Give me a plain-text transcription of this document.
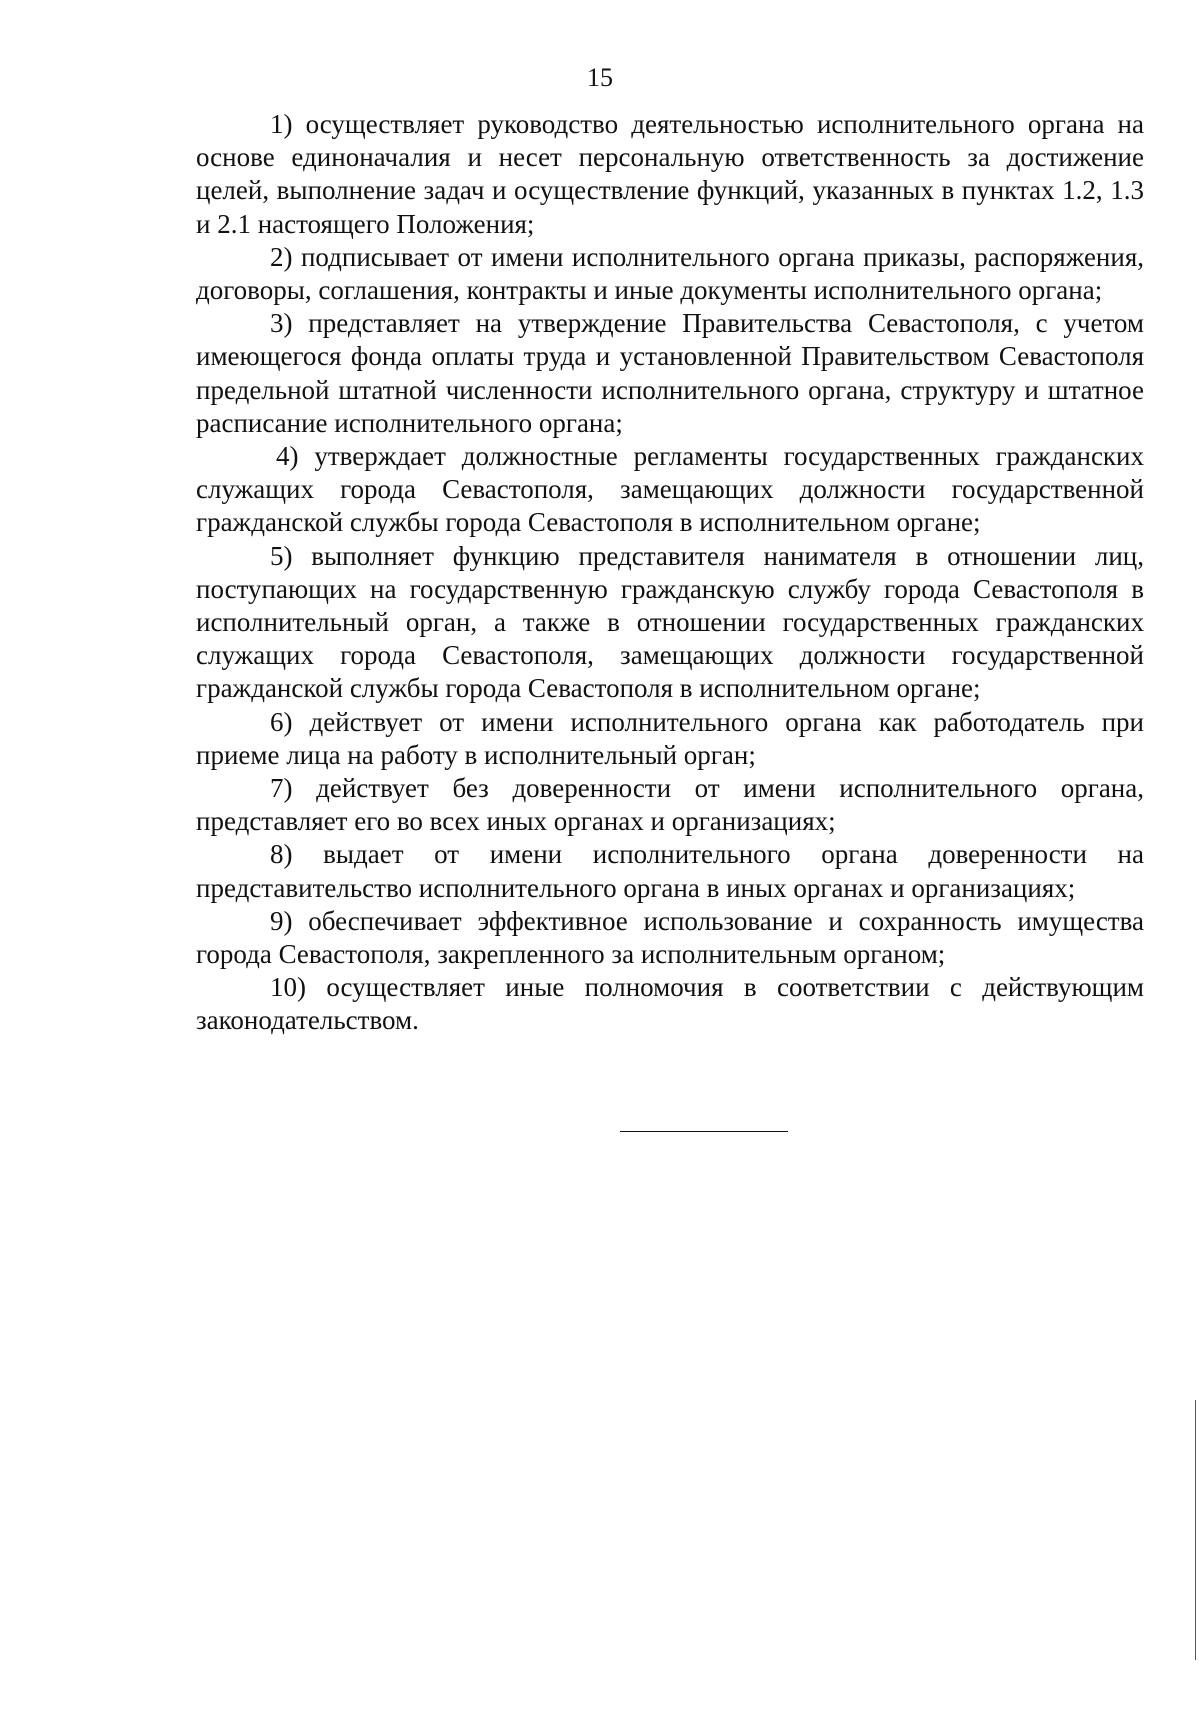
15

1) осуществляет руководство деятельностью исполнительного органа на основе единоначалия и несет персональную ответственность за достижение целей, выполнение задач и осуществление функций, указанных в пунктах 1.2, 1.3 и 2.1 настоящего Положения;

2) подписывает от имени исполнительного органа приказы, распоряжения, договоры, соглашения, контракты и иные документы исполнительного органа;

3) представляет на утверждение Правительства Севастополя, с учетом имеющегося фонда оплаты труда и установленной Правительством Севастополя предельной штатной численности исполнительного органа, структуру и штатное расписание исполнительного органа;

4) утверждает должностные регламенты государственных гражданских служащих города Севастополя, замещающих должности государственной гражданской службы города Севастополя в исполнительном органе;

5) выполняет функцию представителя нанимателя в отношении лиц, поступающих на государственную гражданскую службу города Севастополя в исполнительный орган, а также в отношении государственных гражданских служащих города Севастополя, замещающих должности государственной гражданской службы города Севастополя в исполнительном органе;

6) действует от имени исполнительного органа как работодатель при приеме лица на работу в исполнительный орган;

7) действует без доверенности от имени исполнительного органа, представляет его во всех иных органах и организациях;

8) выдает от имени исполнительного органа доверенности на представительство исполнительного органа в иных органах и организациях;

9) обеспечивает эффективное использование и сохранность имущества города Севастополя, закрепленного за исполнительным органом;

10) осуществляет иные полномочия в соответствии с действующим законодательством.
